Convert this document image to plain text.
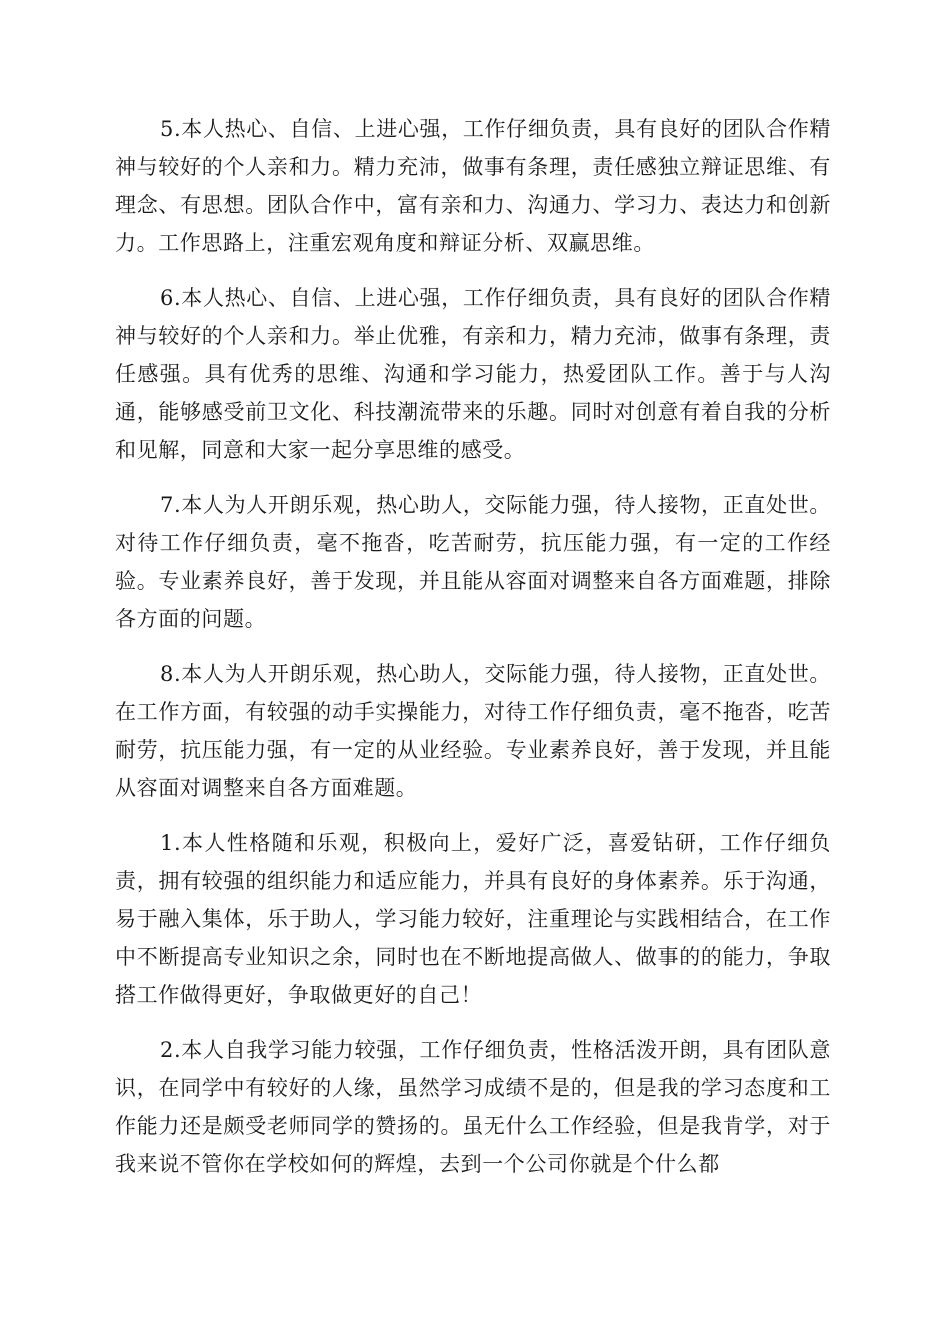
5.本人热心、自信、上进心强，工作仔细负责，具有良好的团队合作精神与较好的个人亲和力。精力充沛，做事有条理，责任感独立辩证思维、有理念、有思想。团队合作中，富有亲和力、沟通力、学习力、表达力和创新力。工作思路上，注重宏观角度和辩证分析、双赢思维。

6.本人热心、自信、上进心强，工作仔细负责，具有良好的团队合作精神与较好的个人亲和力。举止优雅，有亲和力，精力充沛，做事有条理，责任感强。具有优秀的思维、沟通和学习能力，热爱团队工作。善于与人沟通，能够感受前卫文化、科技潮流带来的乐趣。同时对创意有着自我的分析和见解，同意和大家一起分享思维的感受。

7.本人为人开朗乐观，热心助人，交际能力强，待人接物，正直处世。对待工作仔细负责，毫不拖沓，吃苦耐劳，抗压能力强，有一定的工作经验。专业素养良好，善于发现，并且能从容面对调整来自各方面难题，排除各方面的问题。

8.本人为人开朗乐观，热心助人，交际能力强，待人接物，正直处世。在工作方面，有较强的动手实操能力，对待工作仔细负责，毫不拖沓，吃苦耐劳，抗压能力强，有一定的从业经验。专业素养良好，善于发现，并且能从容面对调整来自各方面难题。

1.本人性格随和乐观，积极向上，爱好广泛，喜爱钻研，工作仔细负责，拥有较强的组织能力和适应能力，并具有良好的身体素养。乐于沟通，易于融入集体，乐于助人，学习能力较好，注重理论与实践相结合，在工作中不断提高专业知识之余，同时也在不断地提高做人、做事的的能力，争取搭工作做得更好，争取做更好的自己！

2.本人自我学习能力较强，工作仔细负责，性格活泼开朗，具有团队意识，在同学中有较好的人缘，虽然学习成绩不是的，但是我的学习态度和工作能力还是颇受老师同学的赞扬的。虽无什么工作经验，但是我肯学，对于我来说不管你在学校如何的辉煌，去到一个公司你就是个什么都
